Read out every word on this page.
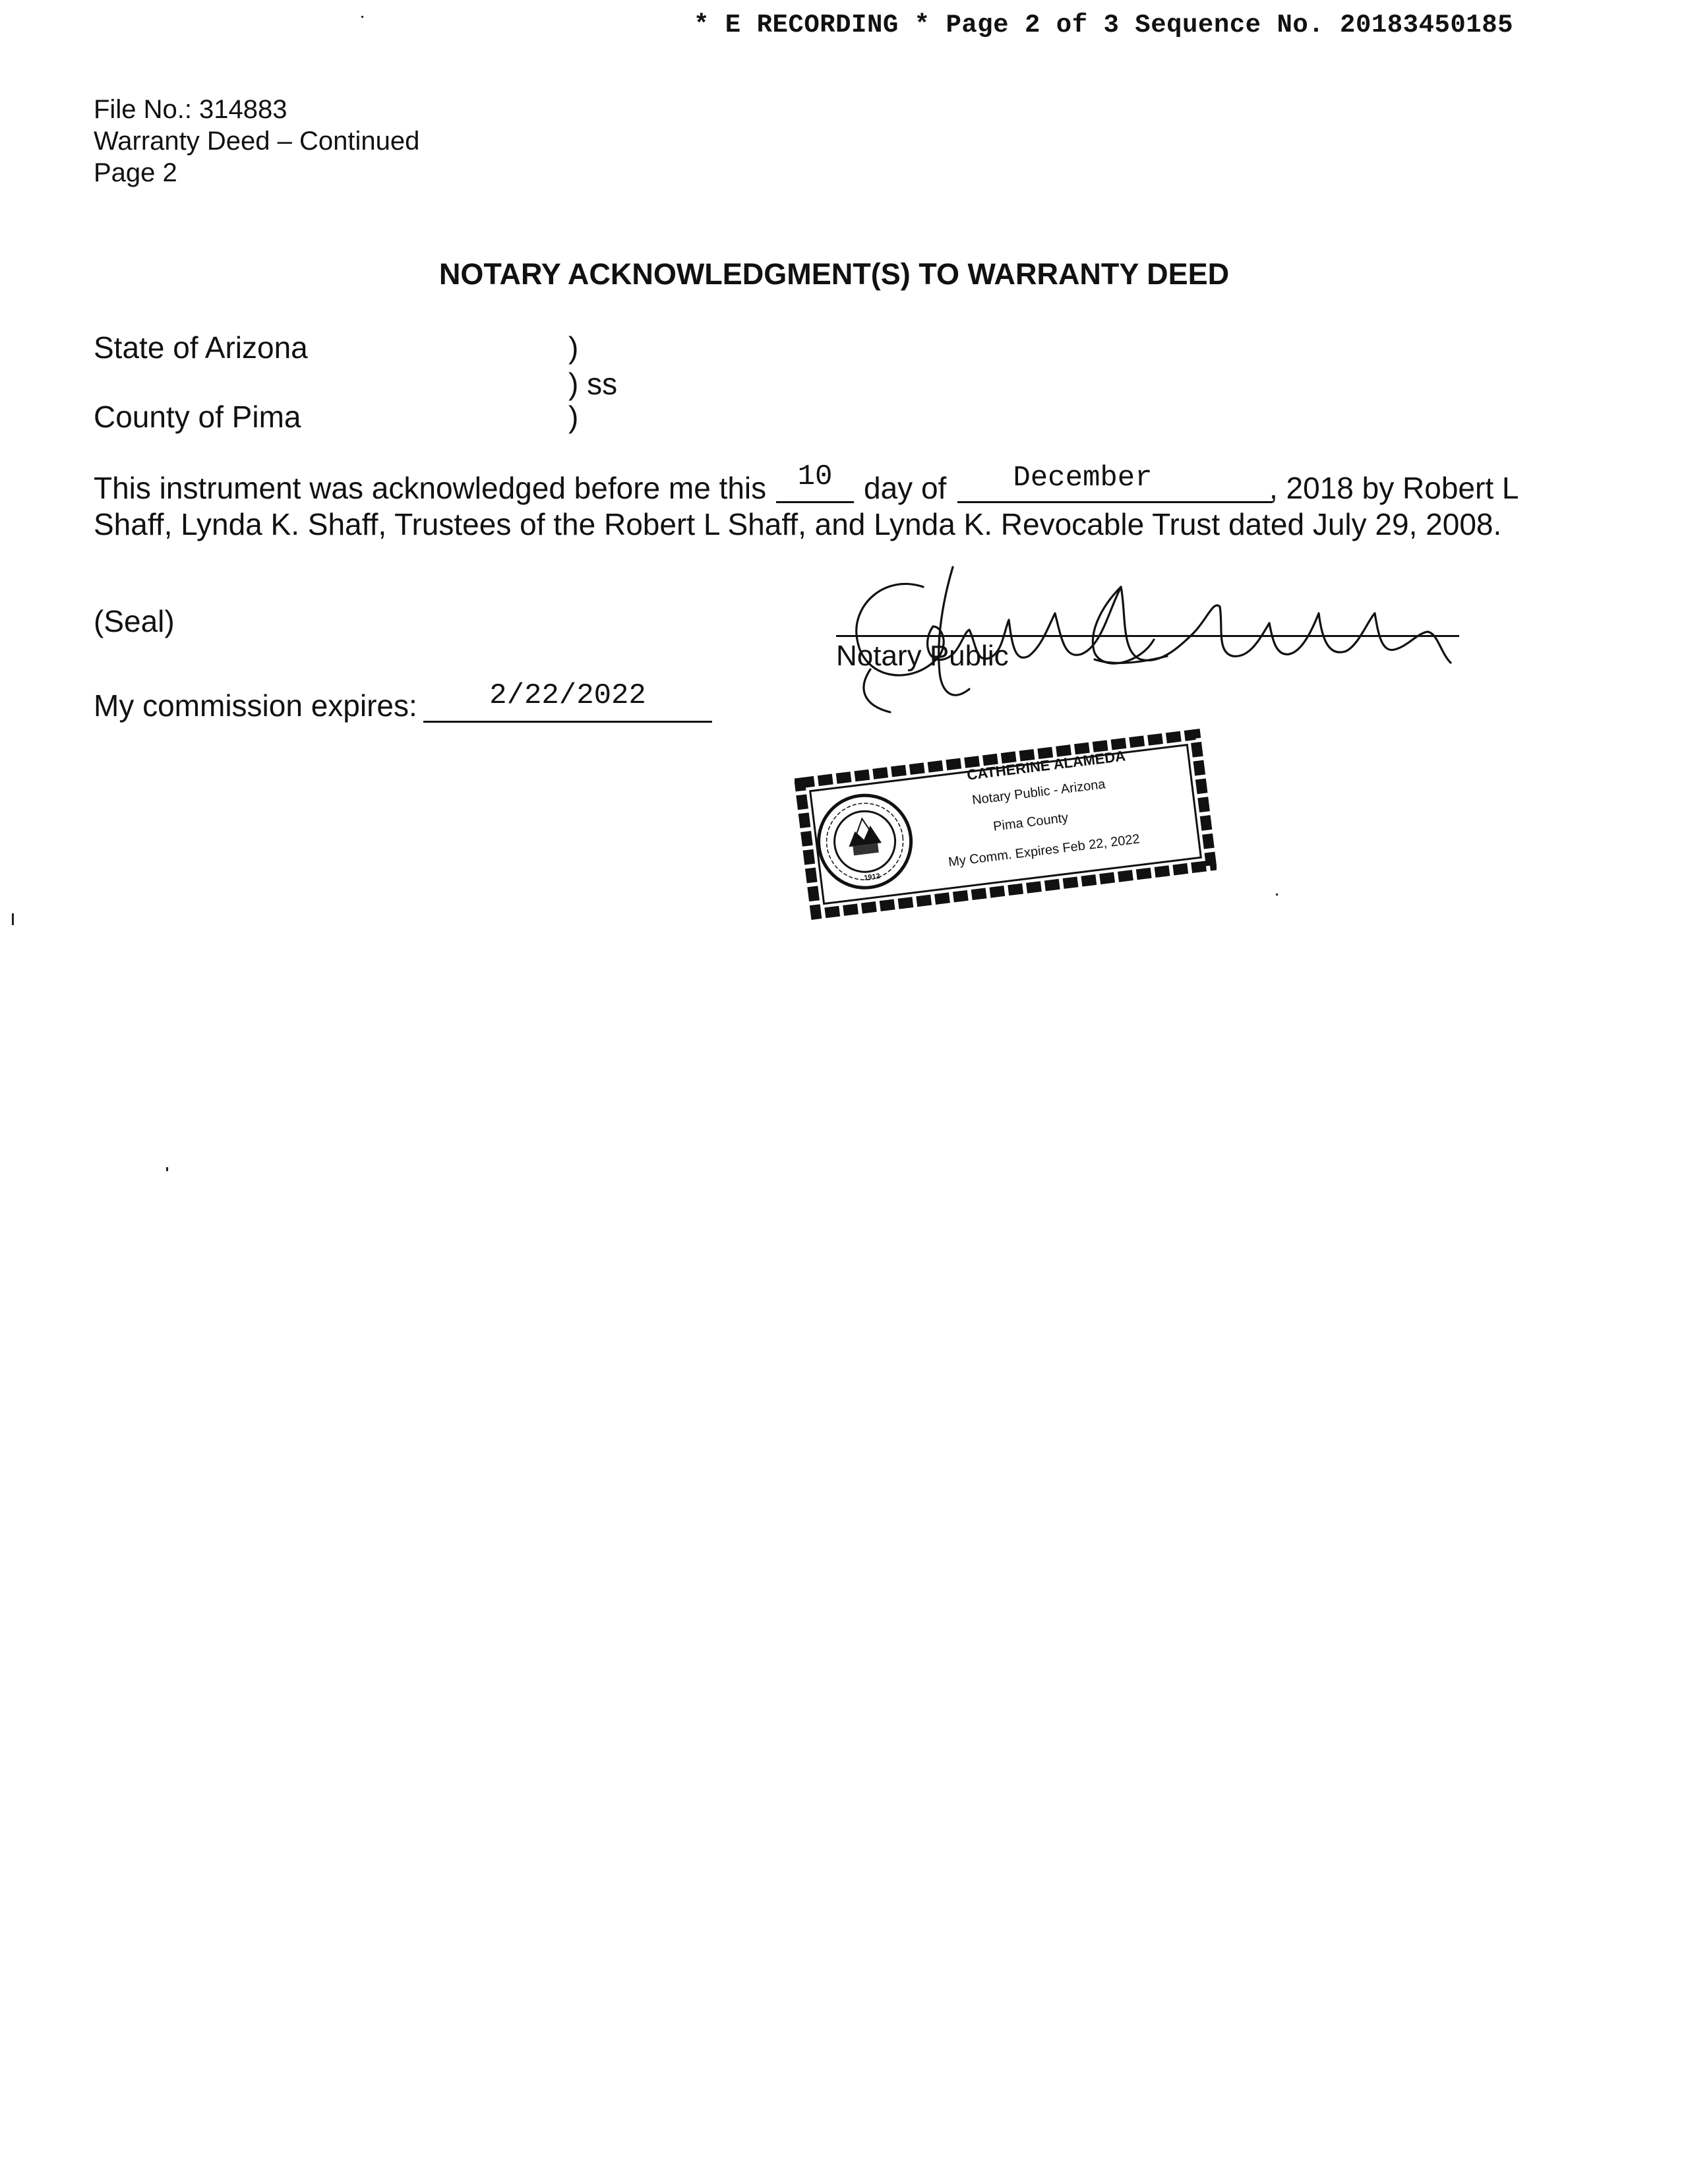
* E RECORDING * Page 2 of 3 Sequence No. 20183450185
File No.: 314883
Warranty Deed – Continued
Page 2
NOTARY ACKNOWLEDGMENT(S) TO WARRANTY DEED
State of Arizona	)
) ss
County of Pima	)
This instrument was acknowledged before me this	10	day of	December	, 2018 by Robert L
Shaff, Lynda K. Shaff, Trustees of the Robert L Shaff, and Lynda K. Revocable Trust dated July 29, 2008.
(Seal)
Notary Public
My commission expires:	2/22/2022
1912
CATHERINE ALAMEDA
Notary Public - Arizona
Pima County
My Comm. Expires Feb 22, 2022
